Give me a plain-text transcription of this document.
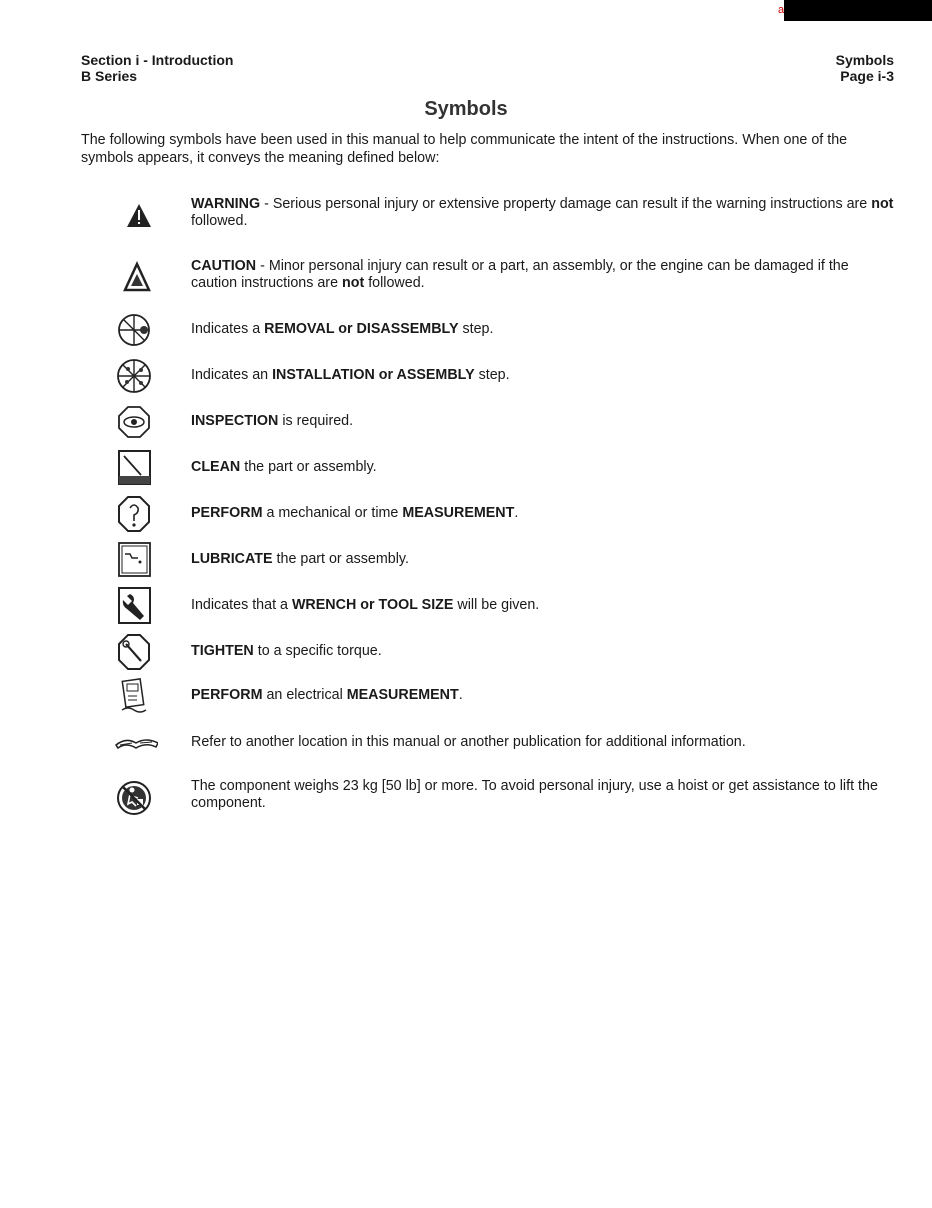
a
Section i - Introduction
B Series
Symbols
Page i-3
Symbols
The following symbols have been used in this manual to help communicate the intent of the instructions. When one of the symbols appears, it conveys the meaning defined below:
WARNING - Serious personal injury or extensive property damage can result if the warning instructions are not followed.
CAUTION - Minor personal injury can result or a part, an assembly, or the engine can be damaged if the caution instructions are not followed.
Indicates a REMOVAL or DISASSEMBLY step.
Indicates an INSTALLATION or ASSEMBLY step.
INSPECTION is required.
CLEAN the part or assembly.
PERFORM a mechanical or time MEASUREMENT.
LUBRICATE the part or assembly.
Indicates that a WRENCH or TOOL SIZE will be given.
TIGHTEN to a specific torque.
PERFORM an electrical MEASUREMENT.
Refer to another location in this manual or another publication for additional information.
The component weighs 23 kg [50 lb] or more. To avoid personal injury, use a hoist or get assistance to lift the component.
